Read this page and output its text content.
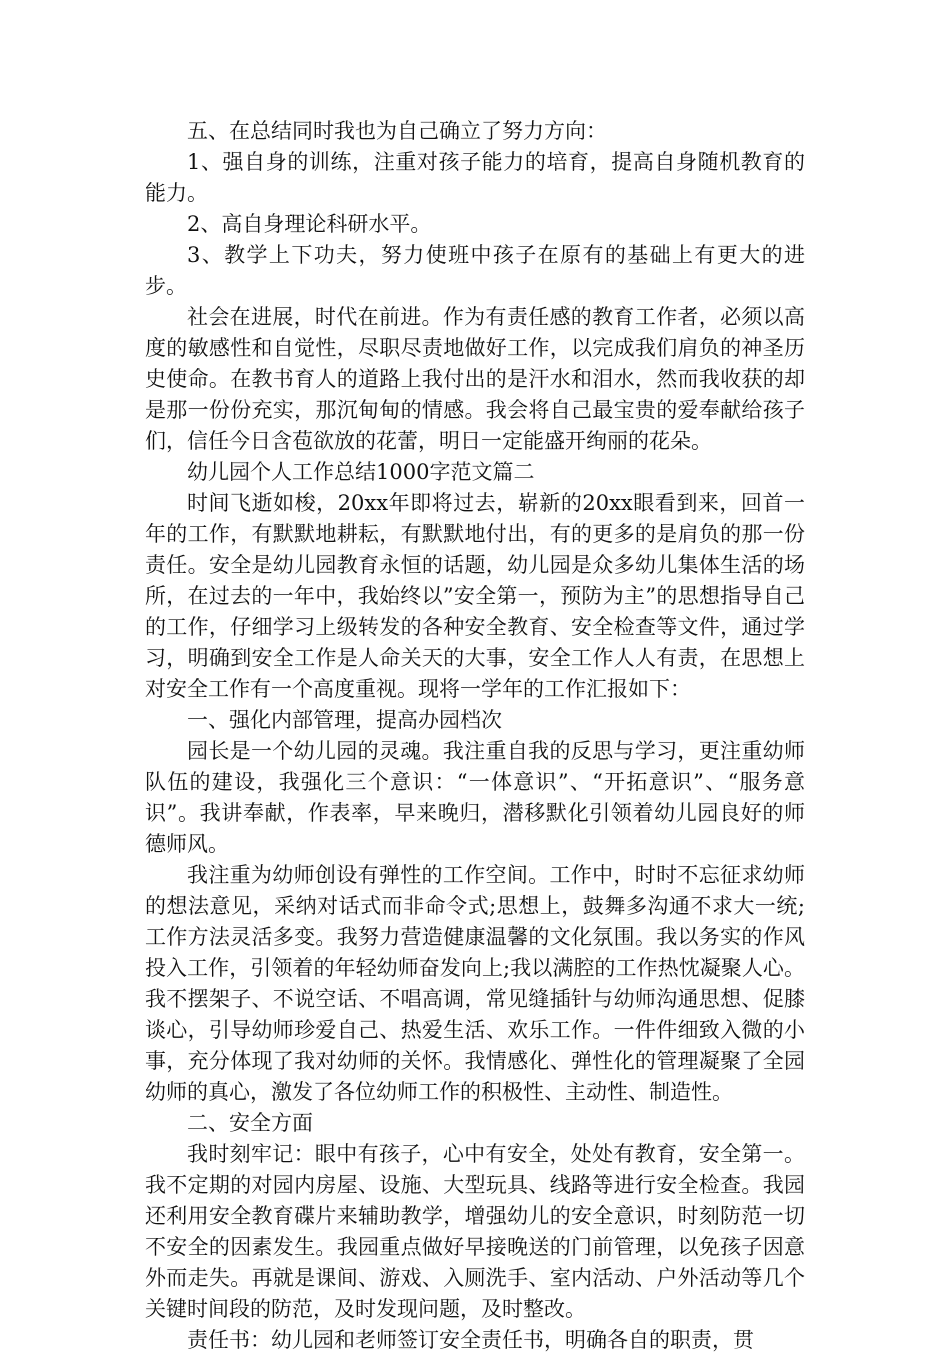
五、在总结同时我也为自己确立了努力方向：

1、强自身的训练，注重对孩子能力的培育，提高自身随机教育的能力。

2、高自身理论科研水平。

3、教学上下功夫，努力使班中孩子在原有的基础上有更大的进步。

社会在进展，时代在前进。作为有责任感的教育工作者，必须以高度的敏感性和自觉性，尽职尽责地做好工作，以完成我们肩负的神圣历史使命。在教书育人的道路上我付出的是汗水和泪水，然而我收获的却是那一份份充实，那沉甸甸的情感。我会将自己最宝贵的爱奉献给孩子们，信任今日含苞欲放的花蕾，明日一定能盛开绚丽的花朵。

幼儿园个人工作总结1000字范文篇二

时间飞逝如梭，20xx年即将过去，崭新的20xx眼看到来，回首一年的工作，有默默地耕耘，有默默地付出，有的更多的是肩负的那一份责任。安全是幼儿园教育永恒的话题，幼儿园是众多幼儿集体生活的场所，在过去的一年中，我始终以”安全第一，预防为主”的思想指导自己的工作，仔细学习上级转发的各种安全教育、安全检查等文件，通过学习，明确到安全工作是人命关天的大事，安全工作人人有责，在思想上对安全工作有一个高度重视。现将一学年的工作汇报如下：

一、强化内部管理，提高办园档次

园长是一个幼儿园的灵魂。我注重自我的反思与学习，更注重幼师队伍的建设，我强化三个意识：“一体意识”、“开拓意识”、“服务意识”。我讲奉献，作表率，早来晚归，潜移默化引领着幼儿园良好的师德师风。

我注重为幼师创设有弹性的工作空间。工作中，时时不忘征求幼师的想法意见，采纳对话式而非命令式;思想上，鼓舞多沟通不求大一统;工作方法灵活多变。我努力营造健康温馨的文化氛围。我以务实的作风投入工作，引领着的年轻幼师奋发向上;我以满腔的工作热忱凝聚人心。我不摆架子、不说空话、不唱高调，常见缝插针与幼师沟通思想、促膝谈心，引导幼师珍爱自己、热爱生活、欢乐工作。一件件细致入微的小事，充分体现了我对幼师的关怀。我情感化、弹性化的管理凝聚了全园幼师的真心，激发了各位幼师工作的积极性、主动性、制造性。

二、安全方面

我时刻牢记：眼中有孩子，心中有安全，处处有教育，安全第一。我不定期的对园内房屋、设施、大型玩具、线路等进行安全检查。我园还利用安全教育碟片来辅助教学，增强幼儿的安全意识，时刻防范一切不安全的因素发生。我园重点做好早接晚送的门前管理，以免孩子因意外而走失。再就是课间、游戏、入厕洗手、室内活动、户外活动等几个关键时间段的防范，及时发现问题，及时整改。

责任书：幼儿园和老师签订安全责任书，明确各自的职责，贯
